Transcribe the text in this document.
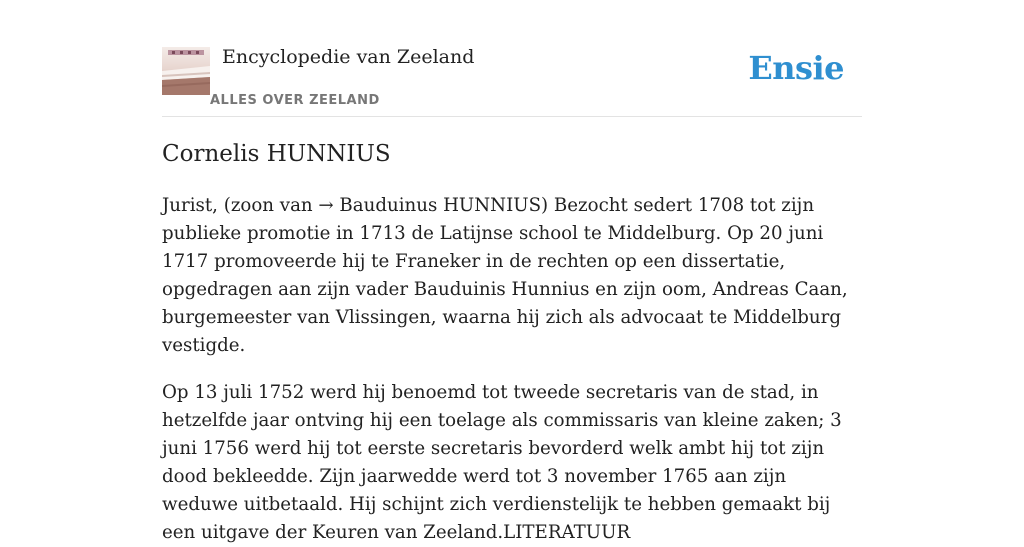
Encyclopedie van Zeeland
ALLES OVER ZEELAND
Ensie
Cornelis HUNNIUS

Jurist, (zoon van → Bauduinus HUNNIUS) Bezocht sedert 1708 tot zijn publieke promotie in 1713 de Latijnse school te Middelburg. Op 20 juni 1717 promoveerde hij te Franeker in de rechten op een dissertatie, opgedragen aan zijn vader Bauduinis Hunnius en zijn oom, Andreas Caan, burgemeester van Vlissingen, waarna hij zich als advocaat te Middelburg vestigde.

Op 13 juli 1752 werd hij benoemd tot tweede secretaris van de stad, in hetzelfde jaar ontving hij een toelage als commissaris van kleine zaken; 3 juni 1756 werd hij tot eerste secretaris bevorderd welk ambt hij tot zijn dood bekleedde. Zijn jaarwedde werd tot 3 november 1765 aan zijn weduwe uitbetaald. Hij schijnt zich verdienstelijk te hebben gemaakt bij een uitgave der Keuren van Zeeland.LITERATUUR
